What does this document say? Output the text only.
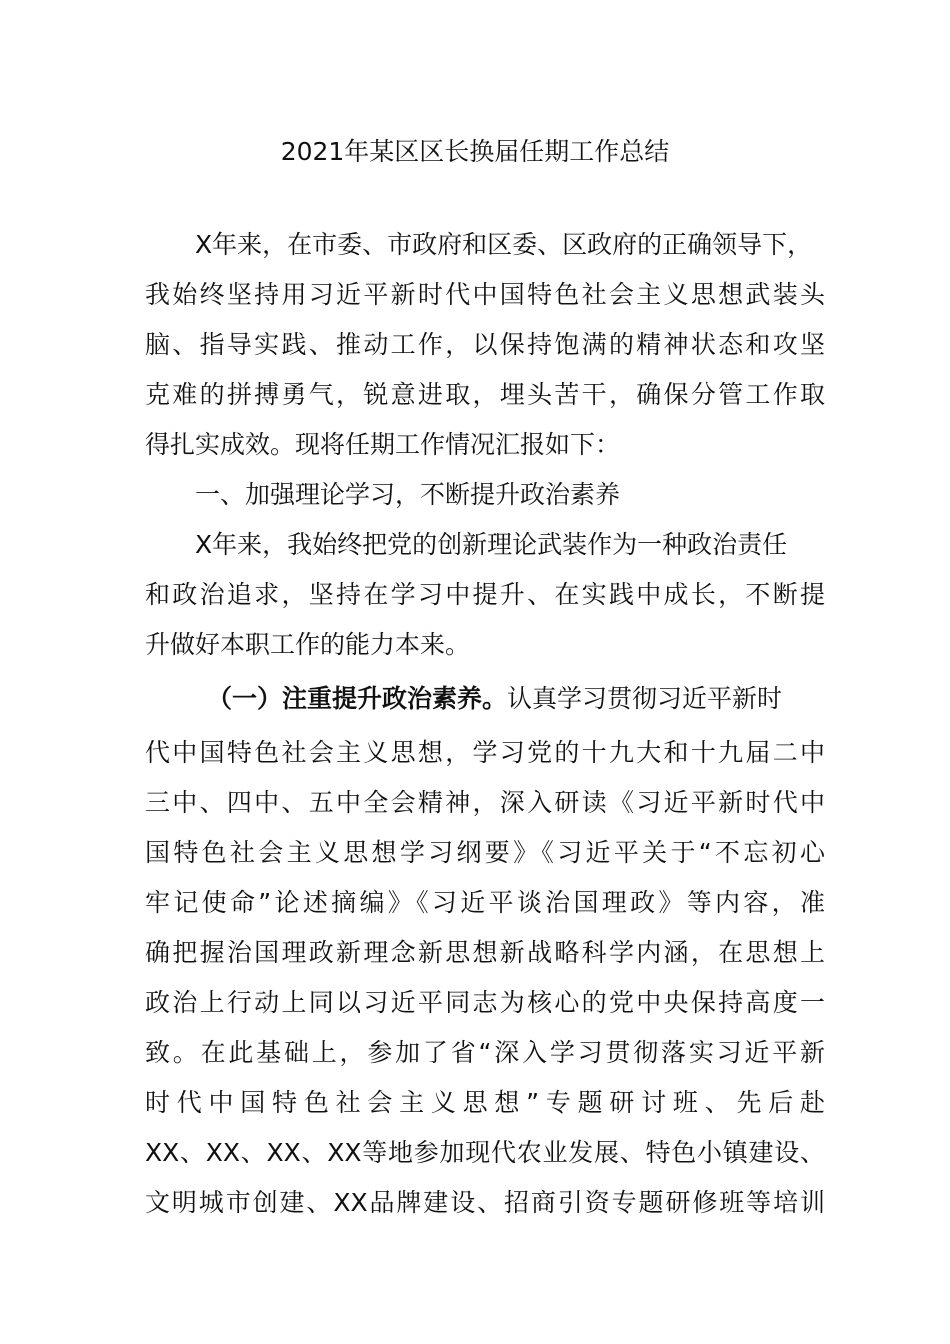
2021年某区区长换届任期工作总结
X年来，在市委、市政府和区委、区政府的正确领导下，
我始终坚持用习近平新时代中国特色社会主义思想武装头
脑、指导实践、推动工作，以保持饱满的精神状态和攻坚
克难的拼搏勇气，锐意进取，埋头苦干，确保分管工作取
得扎实成效。现将任期工作情况汇报如下：
一、加强理论学习，不断提升政治素养
X年来，我始终把党的创新理论武装作为一种政治责任
和政治追求，坚持在学习中提升、在实践中成长，不断提
升做好本职工作的能力本来。
（一）注重提升政治素养。认真学习贯彻习近平新时
代中国特色社会主义思想，学习党的十九大和十九届二中
三中、四中、五中全会精神，深入研读《习近平新时代中
国特色社会主义思想学习纲要》《习近平关于“不忘初心
牢记使命”论述摘编》《习近平谈治国理政》等内容，准
确把握治国理政新理念新思想新战略科学内涵，在思想上
政治上行动上同以习近平同志为核心的党中央保持高度一
致。在此基础上，参加了省“深入学习贯彻落实习近平新
时代中国特色社会主义思想”专题研讨班、先后赴
XX、XX、XX、XX等地参加现代农业发展、特色小镇建设、
文明城市创建、XX品牌建设、招商引资专题研修班等培训
